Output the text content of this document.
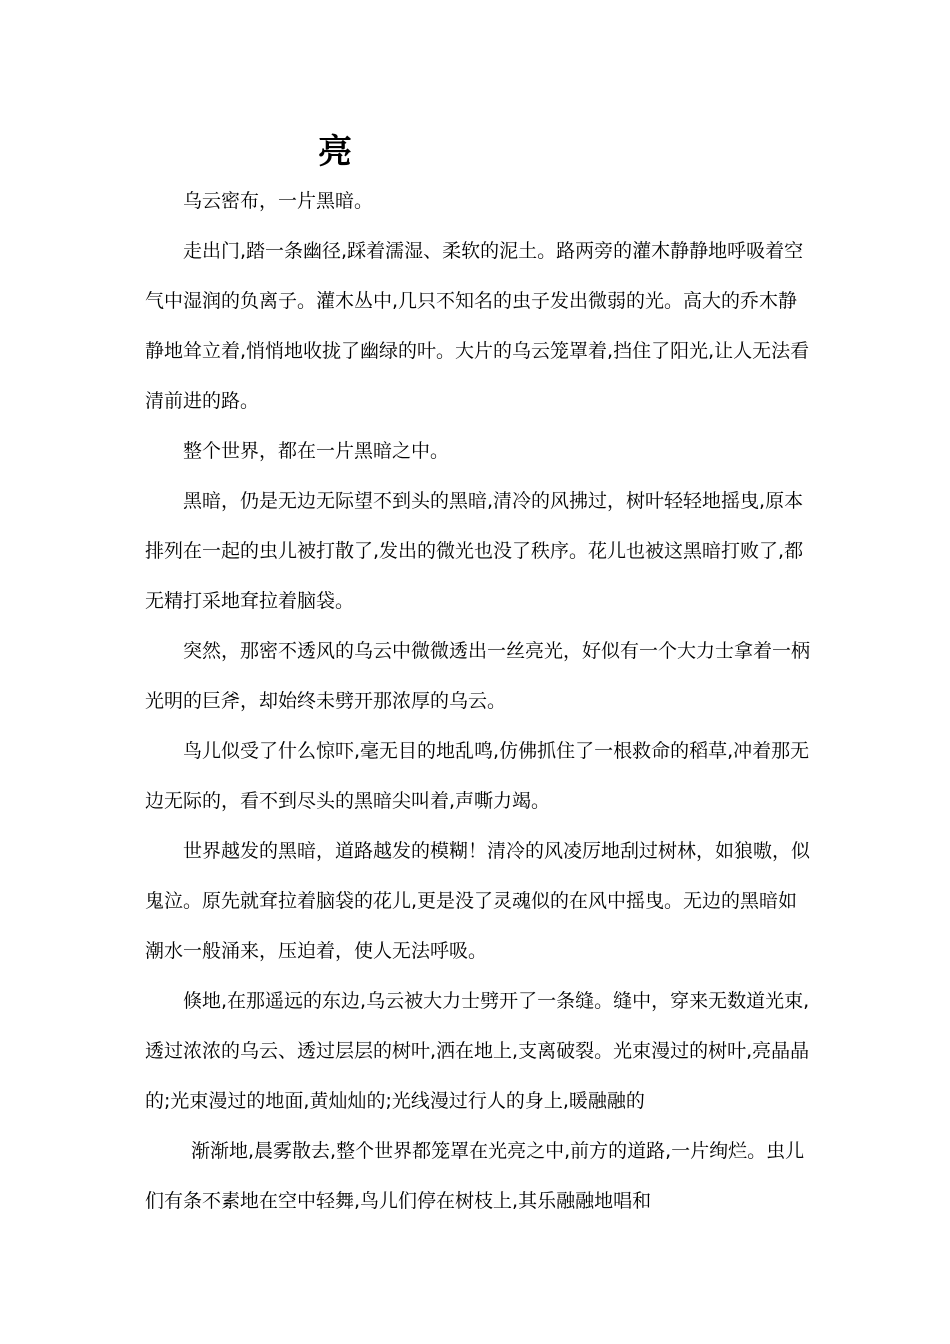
亮

乌云密布，一片黑暗。

走出门,踏一条幽径,踩着濡湿、柔软的泥土。路两旁的灌木静静地呼吸着空气中湿润的负离子。灌木丛中,几只不知名的虫子发出微弱的光。高大的乔木静静地耸立着,悄悄地收拢了幽绿的叶。大片的乌云笼罩着,挡住了阳光,让人无法看清前进的路。

整个世界，都在一片黑暗之中。

黑暗，仍是无边无际望不到头的黑暗,清冷的风拂过，树叶轻轻地摇曳,原本排列在一起的虫儿被打散了,发出的微光也没了秩序。花儿也被这黑暗打败了,都无精打采地耷拉着脑袋。

突然，那密不透风的乌云中微微透出一丝亮光，好似有一个大力士拿着一柄光明的巨斧，却始终未劈开那浓厚的乌云。

鸟儿似受了什么惊吓,毫无目的地乱鸣,仿佛抓住了一根救命的稻草,冲着那无边无际的，看不到尽头的黑暗尖叫着,声嘶力竭。

世界越发的黑暗，道路越发的模糊！清冷的风凌厉地刮过树林，如狼嗷，似鬼泣。原先就耷拉着脑袋的花儿,更是没了灵魂似的在风中摇曳。无边的黑暗如潮水一般涌来，压迫着，使人无法呼吸。

倏地,在那遥远的东边,乌云被大力士劈开了一条缝。缝中，穿来无数道光束,透过浓浓的乌云、透过层层的树叶,洒在地上,支离破裂。光束漫过的树叶,亮晶晶的;光束漫过的地面,黄灿灿的;光线漫过行人的身上,暖融融的

渐渐地,晨雾散去,整个世界都笼罩在光亮之中,前方的道路,一片绚烂。虫儿们有条不素地在空中轻舞,鸟儿们停在树枝上,其乐融融地唱和
